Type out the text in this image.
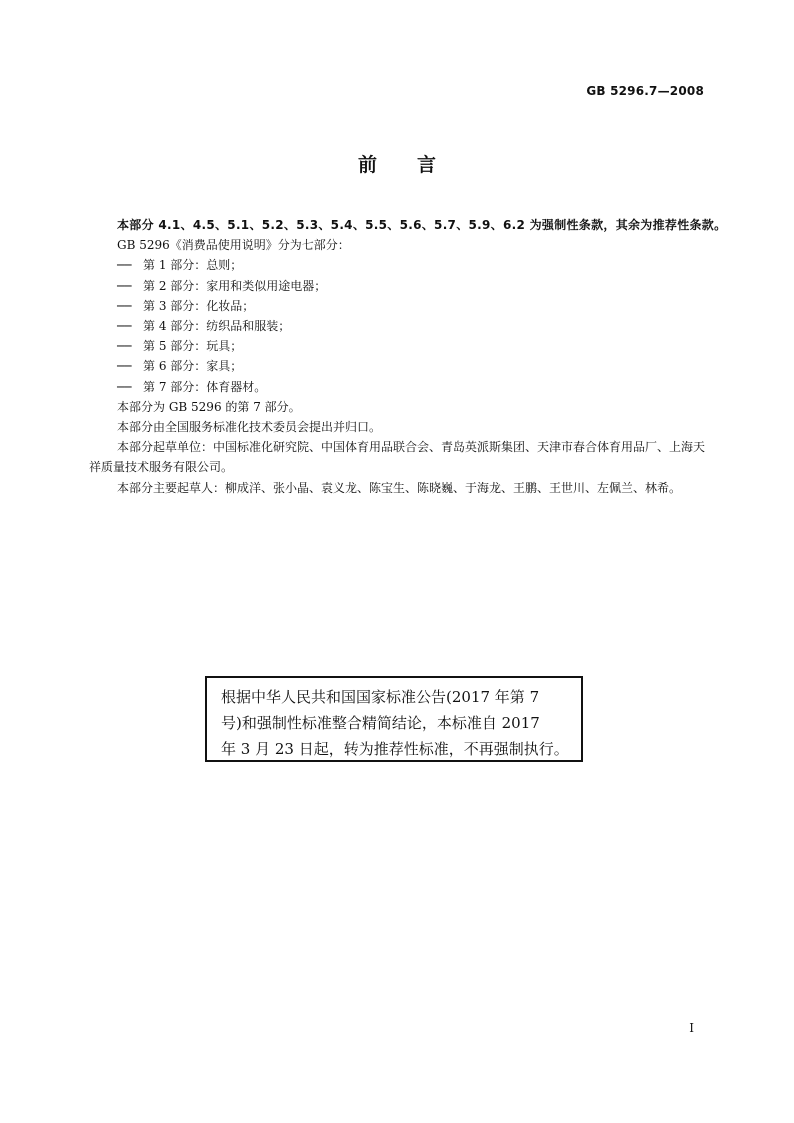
GB 5296.7—2008
前 言

本部分 4.1、4.5、5.1、5.2、5.3、5.4、5.5、5.6、5.7、5.9、6.2 为强制性条款，其余为推荐性条款。

GB 5296《消费品使用说明》分为七部分：

── 第 1 部分：总则；

── 第 2 部分：家用和类似用途电器；

── 第 3 部分：化妆品；

── 第 4 部分：纺织品和服装；

── 第 5 部分：玩具；

── 第 6 部分：家具；

── 第 7 部分：体育器材。

本部分为 GB 5296 的第 7 部分。

本部分由全国服务标准化技术委员会提出并归口。

本部分起草单位：中国标准化研究院、中国体育用品联合会、青岛英派斯集团、天津市春合体育用品厂、上海天祥质量技术服务有限公司。

本部分主要起草人：柳成洋、张小晶、袁义龙、陈宝生、陈晓巍、于海龙、王鹏、王世川、左佩兰、林希。

根据中华人民共和国国家标准公告(2017 年第 7
号)和强制性标准整合精简结论，本标准自 2017
年 3 月 23 日起，转为推荐性标准，不再强制执行。
I
